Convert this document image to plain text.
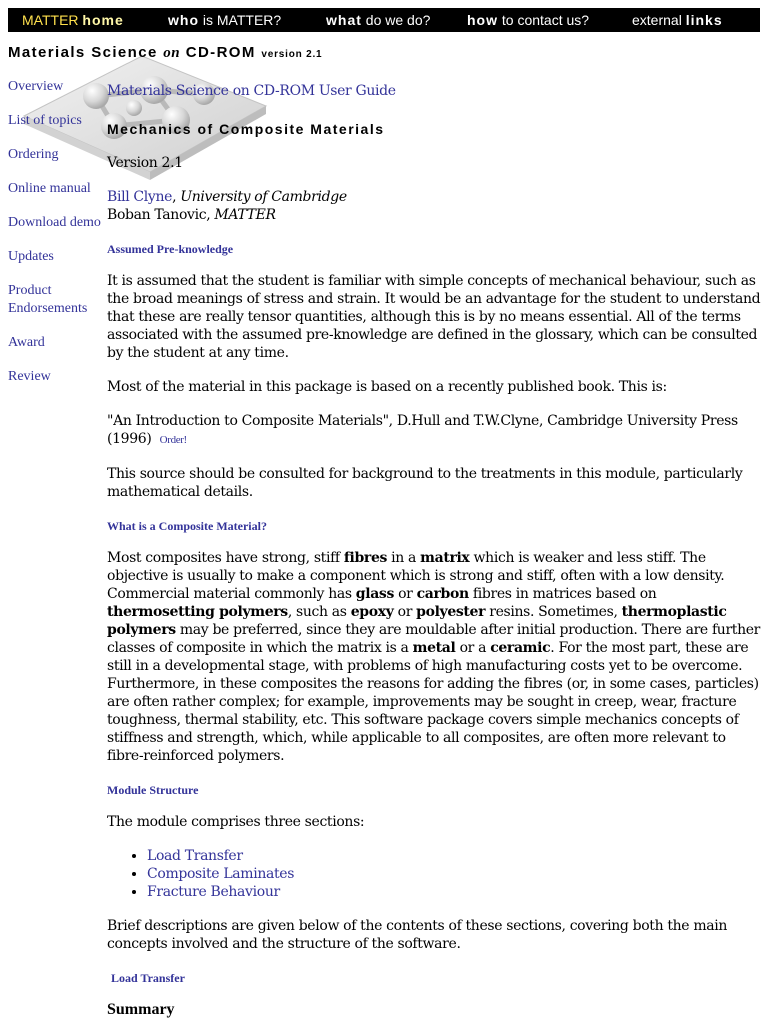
MATTER home	who is MATTER?	what do we do?	how to contact us?	external links
Materials Science on CD-ROM version 2.1
Overview
List of topics
Ordering
Online manual
Download demo
Updates
Product Endorsements
Award
Review
Materials Science on CD-ROM User Guide
Mechanics of Composite Materials

Version 2.1

Bill Clyne, University of Cambridge
Boban Tanovic, MATTER

Assumed Pre-knowledge

It is assumed that the student is familiar with simple concepts of mechanical behaviour, such as the broad meanings of stress and strain. It would be an advantage for the student to understand that these are really tensor quantities, although this is by no means essential. All of the terms associated with the assumed pre-knowledge are defined in the glossary, which can be consulted by the student at any time.

Most of the material in this package is based on a recently published book. This is:

"An Introduction to Composite Materials", D.Hull and T.W.Clyne, Cambridge University Press (1996) Order!

This source should be consulted for background to the treatments in this module, particularly mathematical details.

What is a Composite Material?

Most composites have strong, stiff fibres in a matrix which is weaker and less stiff. The objective is usually to make a component which is strong and stiff, often with a low density. Commercial material commonly has glass or carbon fibres in matrices based on thermosetting polymers, such as epoxy or polyester resins. Sometimes, thermoplastic polymers may be preferred, since they are mouldable after initial production. There are further classes of composite in which the matrix is a metal or a ceramic. For the most part, these are still in a developmental stage, with problems of high manufacturing costs yet to be overcome. Furthermore, in these composites the reasons for adding the fibres (or, in some cases, particles) are often rather complex; for example, improvements may be sought in creep, wear, fracture toughness, thermal stability, etc. This software package covers simple mechanics concepts of stiffness and strength, which, while applicable to all composites, are often more relevant to fibre-reinforced polymers.

Module Structure

The module comprises three sections:

• Load Transfer
• Composite Laminates
• Fracture Behaviour

Brief descriptions are given below of the contents of these sections, covering both the main concepts involved and the structure of the software.

Load Transfer
Summary
